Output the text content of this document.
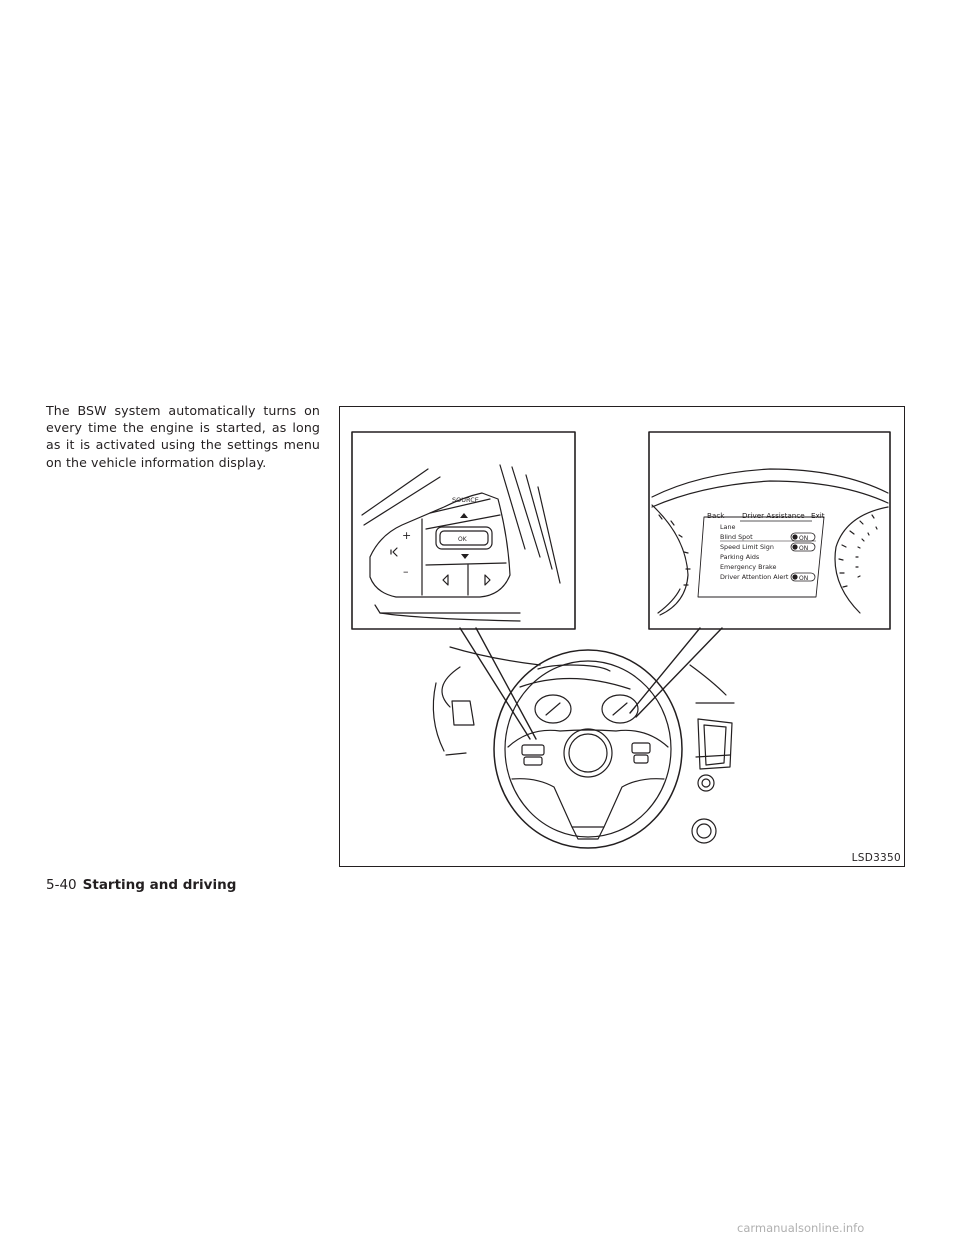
The BSW system automatically turns on every time the engine is started, as long as it is activated using the settings menu on the vehicle information display.

SOURCE
OK
+
–
Back Driver Assistance Exit
Lane
Blind Spot	ON
Speed Limit Sign	ON
Parking Aids
Emergency Brake
Driver Attention Alert ON
LSD3350
5-40 Starting and driving
carmanualsonline.info
